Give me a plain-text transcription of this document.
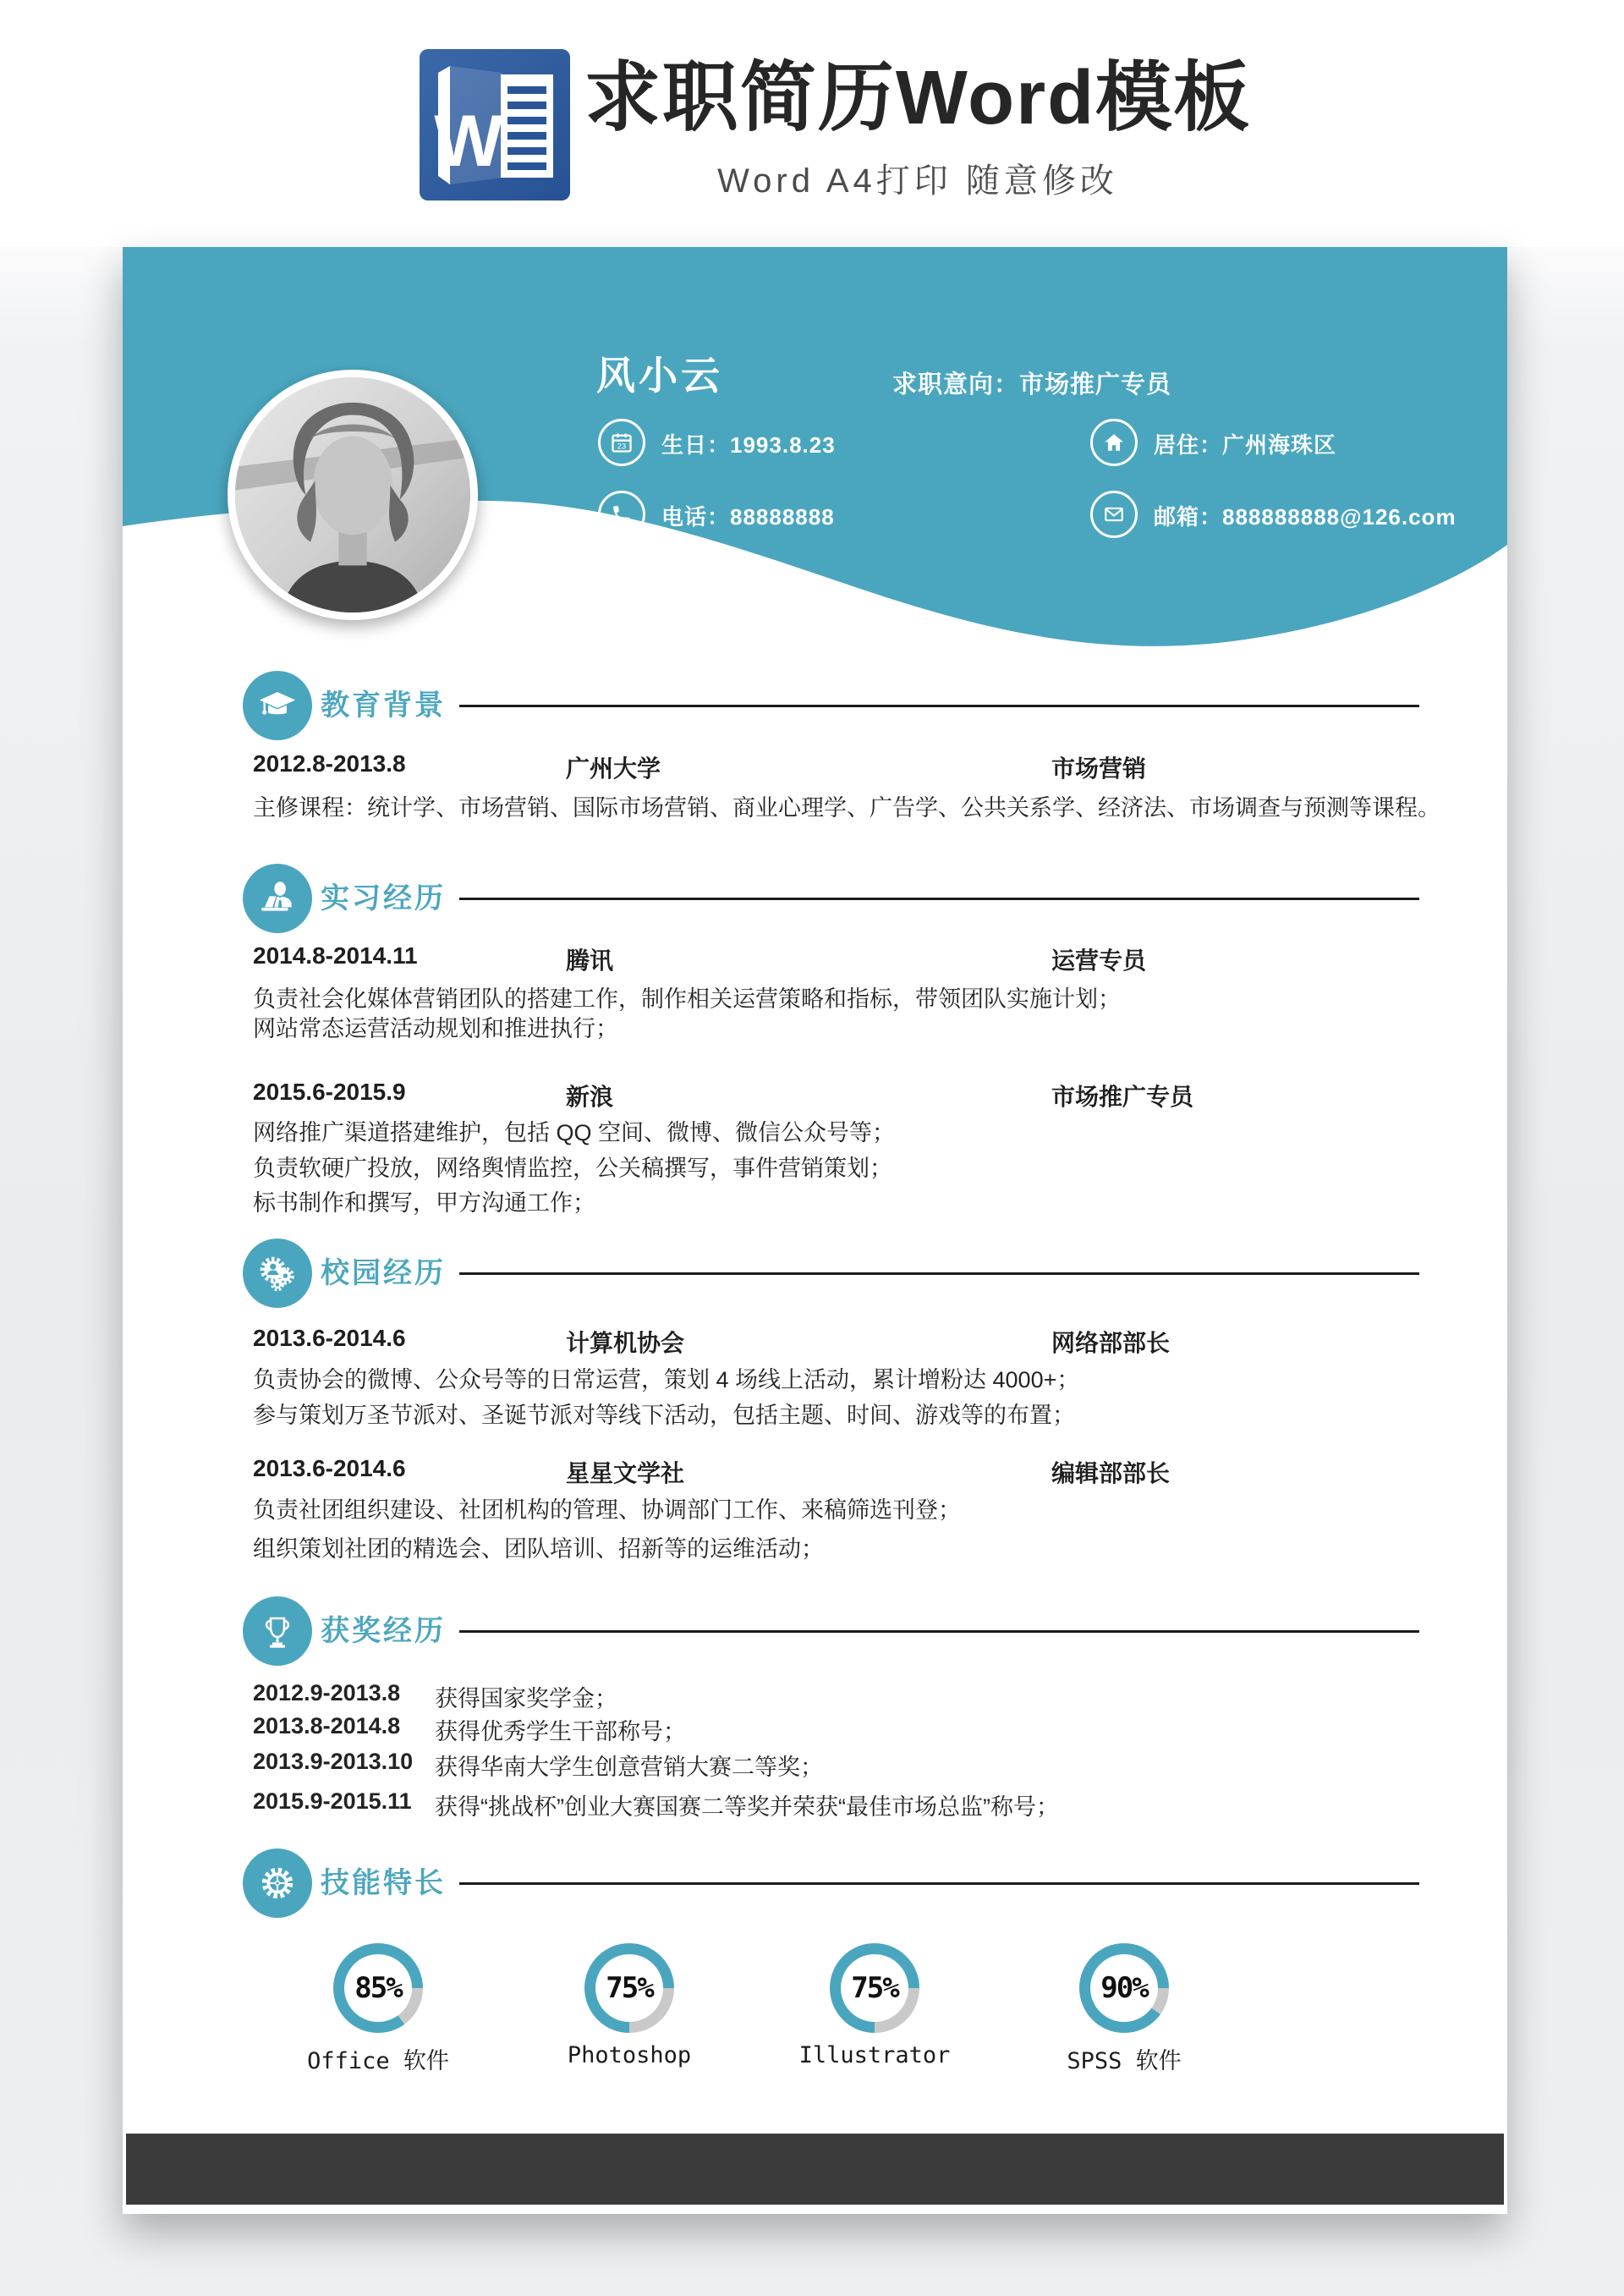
W
求职简历Word模板
Word A4打印 随意修改
风小云	求职意向：市场推广专员
23 生日：1993.8.23	居住：广州海珠区
电话：88888888	邮箱：888888888@126.com
教育背景
2012.8-2013.8	广州大学	市场营销
主修课程：统计学、市场营销、国际市场营销、商业心理学、广告学、公共关系学、经济法、市场调查与预测等课程。
实习经历
2014.8-2014.11	腾讯	运营专员
负责社会化媒体营销团队的搭建工作，制作相关运营策略和指标，带领团队实施计划；
网站常态运营活动规划和推进执行；
2015.6-2015.9	新浪	市场推广专员
网络推广渠道搭建维护，包括 QQ 空间、微博、微信公众号等；
负责软硬广投放，网络舆情监控，公关稿撰写，事件营销策划；
标书制作和撰写，甲方沟通工作；
校园经历
2013.6-2014.6	计算机协会	网络部部长
负责协会的微博、公众号等的日常运营，策划 4 场线上活动，累计增粉达 4000+；
参与策划万圣节派对、圣诞节派对等线下活动，包括主题、时间、游戏等的布置；
2013.6-2014.6	星星文学社	编辑部部长
负责社团组织建设、社团机构的管理、协调部门工作、来稿筛选刊登；
组织策划社团的精选会、团队培训、招新等的运维活动；
获奖经历
2012.9-2013.8 获得国家奖学金；
2013.8-2014.8 获得优秀学生干部称号；
2013.9-2013.10 获得华南大学生创意营销大赛二等奖；
2015.9-2015.11 获得“挑战杯”创业大赛国赛二等奖并荣获“最佳市场总监”称号；
技能特长
85%	75%	75%	90%
Office 软件	Photoshop	Illustrator	SPSS 软件
